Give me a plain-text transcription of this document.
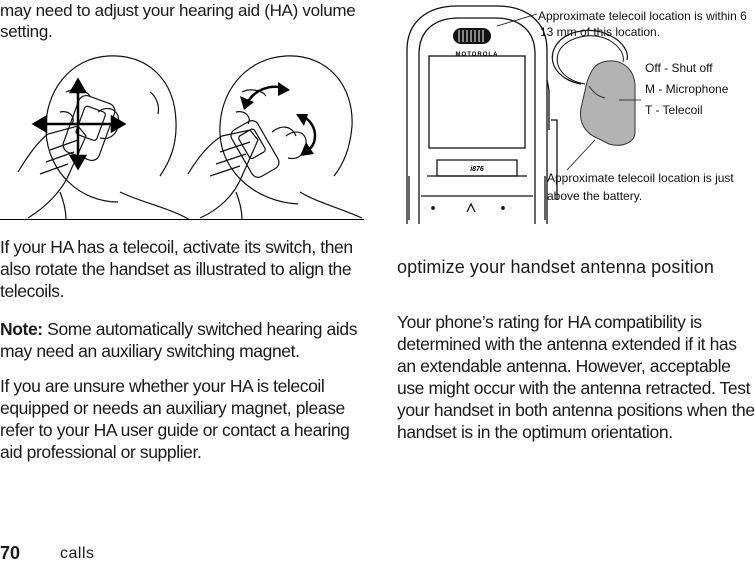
may need to adjust your hearing aid (HA) volume setting.

If your HA has a telecoil, activate its switch, then also rotate the handset as illustrated to align the telecoils.

Note: Some automatically switched hearing aids may need an auxiliary switching magnet.

If you are unsure whether your HA is telecoil equipped or needs an auxiliary magnet, please refer to your HA user guide or contact a hearing aid professional or supplier.

MOTOROLA
i876
Approximate telecoil location is within 6 13 mm of this location.
Off - Shut off M - Microphone T - Telecoil
Approximate telecoil location is just above the battery.

optimize your handset antenna position

Your phone’s rating for HA compatibility is determined with the antenna extended if it has an extendable antenna. However, acceptable use might occur with the antenna retracted. Test your handset in both antenna positions when the handset is in the optimum orientation.

70 calls
